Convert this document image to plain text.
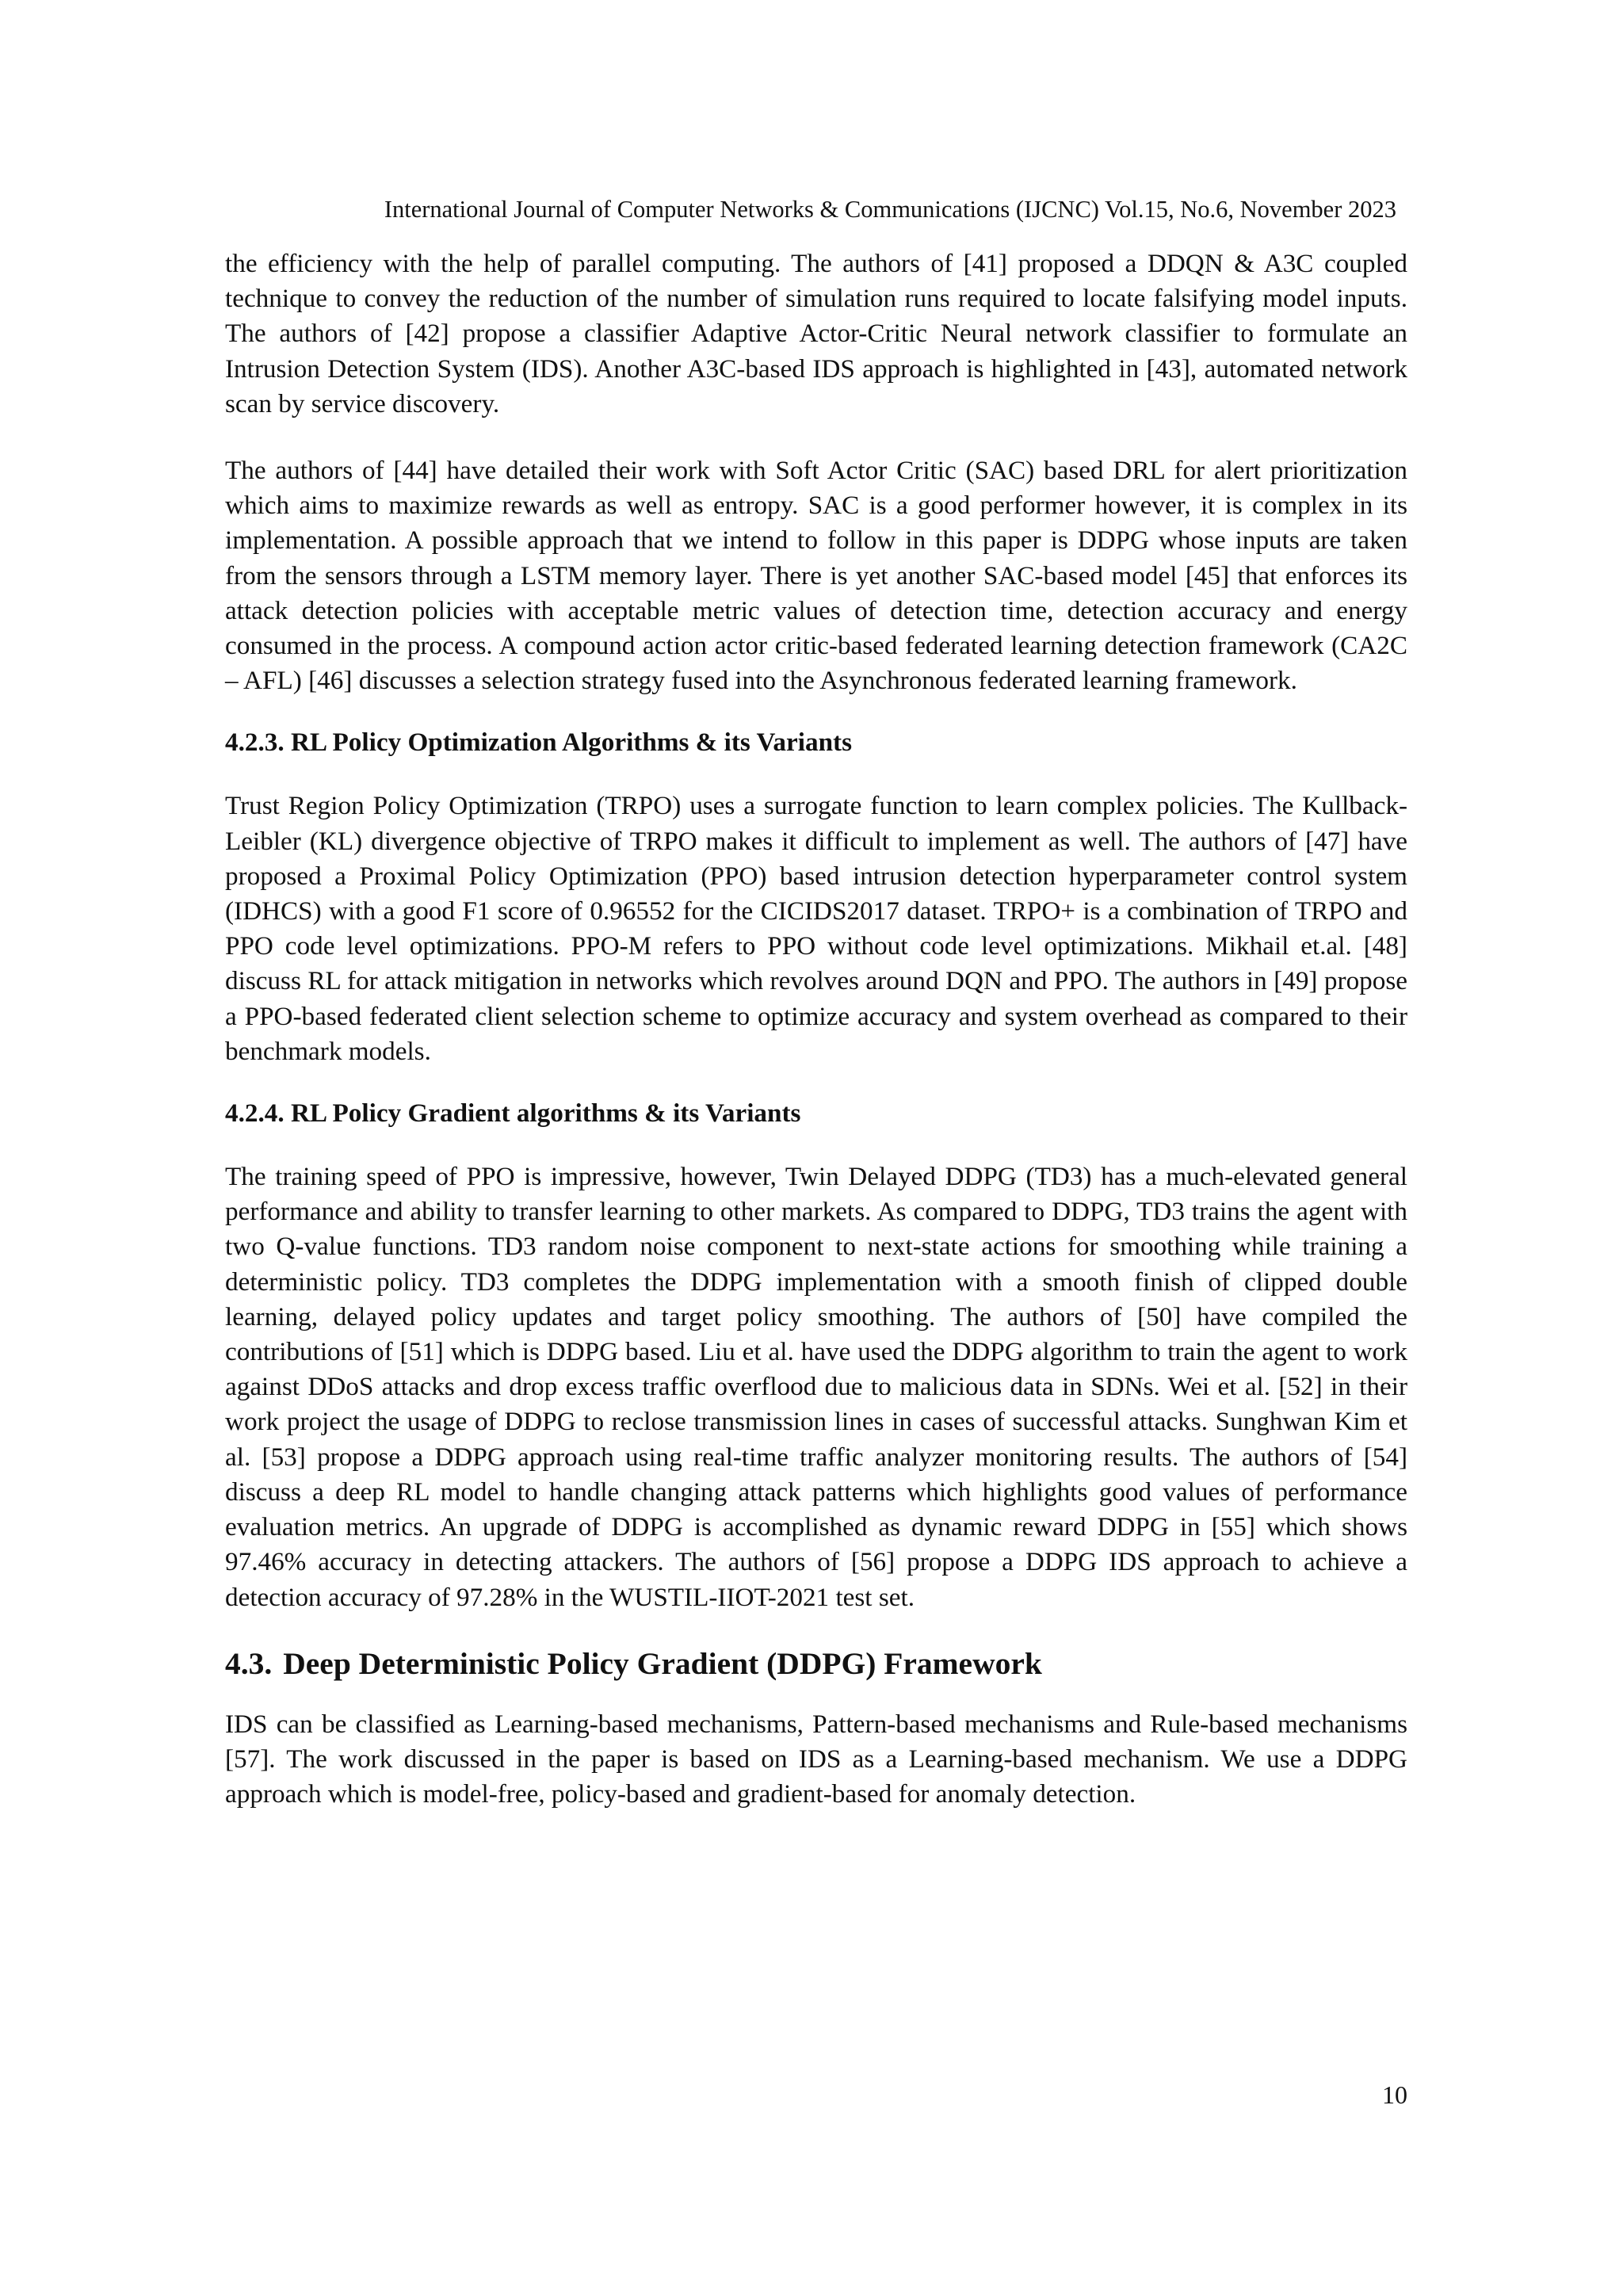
International Journal of Computer Networks & Communications (IJCNC) Vol.15, No.6, November 2023

the efficiency with the help of parallel computing. The authors of [41] proposed a DDQN & A3C coupled technique to convey the reduction of the number of simulation runs required to locate falsifying model inputs. The authors of [42] propose a classifier Adaptive Actor-Critic Neural network classifier to formulate an Intrusion Detection System (IDS). Another A3C-based IDS approach is highlighted in [43], automated network scan by service discovery.

The authors of [44] have detailed their work with Soft Actor Critic (SAC) based DRL for alert prioritization which aims to maximize rewards as well as entropy. SAC is a good performer however, it is complex in its implementation. A possible approach that we intend to follow in this paper is DDPG whose inputs are taken from the sensors through a LSTM memory layer. There is yet another SAC-based model [45] that enforces its attack detection policies with acceptable metric values of detection time, detection accuracy and energy consumed in the process. A compound action actor critic-based federated learning detection framework (CA2C – AFL) [46] discusses a selection strategy fused into the Asynchronous federated learning framework.

4.2.3. RL Policy Optimization Algorithms & its Variants

Trust Region Policy Optimization (TRPO) uses a surrogate function to learn complex policies. The Kullback-Leibler (KL) divergence objective of TRPO makes it difficult to implement as well. The authors of [47] have proposed a Proximal Policy Optimization (PPO) based intrusion detection hyperparameter control system (IDHCS) with a good F1 score of 0.96552 for the CICIDS2017 dataset. TRPO+ is a combination of TRPO and PPO code level optimizations. PPO-M refers to PPO without code level optimizations. Mikhail et.al. [48] discuss RL for attack mitigation in networks which revolves around DQN and PPO. The authors in [49] propose a PPO-based federated client selection scheme to optimize accuracy and system overhead as compared to their benchmark models.

4.2.4. RL Policy Gradient algorithms & its Variants

The training speed of PPO is impressive, however, Twin Delayed DDPG (TD3) has a much-elevated general performance and ability to transfer learning to other markets. As compared to DDPG, TD3 trains the agent with two Q-value functions. TD3 random noise component to next-state actions for smoothing while training a deterministic policy. TD3 completes the DDPG implementation with a smooth finish of clipped double learning, delayed policy updates and target policy smoothing. The authors of [50] have compiled the contributions of [51] which is DDPG based. Liu et al. have used the DDPG algorithm to train the agent to work against DDoS attacks and drop excess traffic overflood due to malicious data in SDNs. Wei et al. [52] in their work project the usage of DDPG to reclose transmission lines in cases of successful attacks. Sunghwan Kim et al. [53] propose a DDPG approach using real-time traffic analyzer monitoring results. The authors of [54] discuss a deep RL model to handle changing attack patterns which highlights good values of performance evaluation metrics. An upgrade of DDPG is accomplished as dynamic reward DDPG in [55] which shows 97.46% accuracy in detecting attackers. The authors of [56] propose a DDPG IDS approach to achieve a detection accuracy of 97.28% in the WUSTIL-IIOT-2021 test set.

4.3. Deep Deterministic Policy Gradient (DDPG) Framework

IDS can be classified as Learning-based mechanisms, Pattern-based mechanisms and Rule-based mechanisms [57]. The work discussed in the paper is based on IDS as a Learning-based mechanism. We use a DDPG approach which is model-free, policy-based and gradient-based for anomaly detection.

10
